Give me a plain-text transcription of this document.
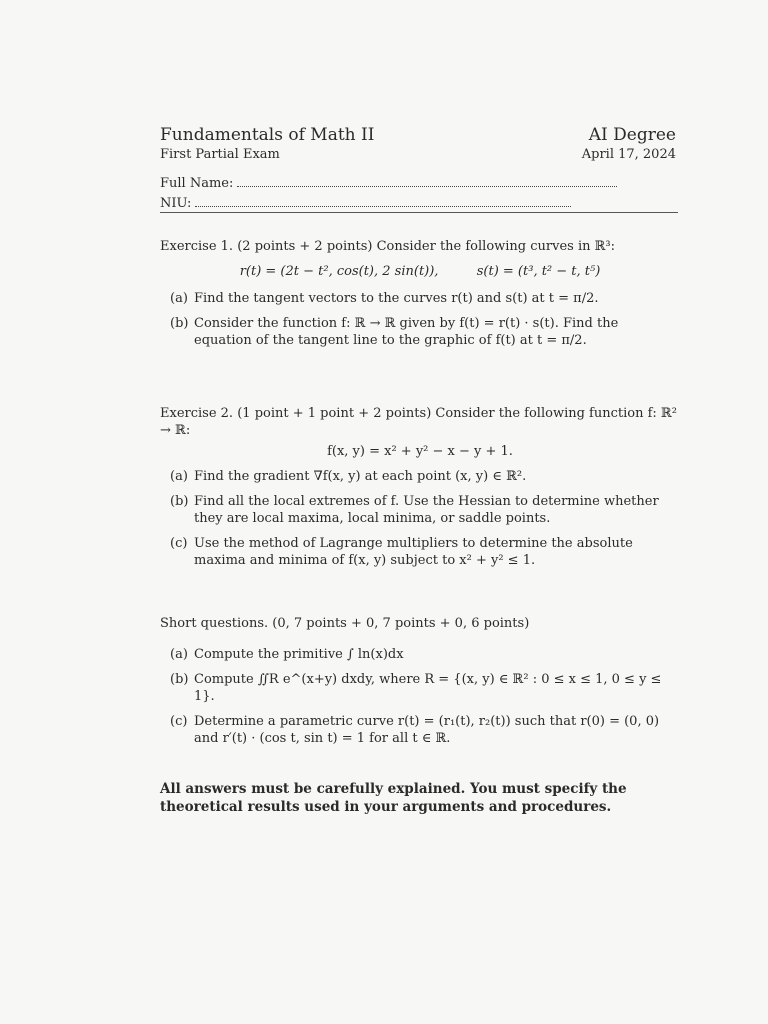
Fundamentals of Math II
First Partial Exam
AI Degree
April 17, 2024
Full Name:
NIU:
Exercise 1. (2 points + 2 points) Consider the following curves in ℝ³:
r(t) = (2t − t², cos(t), 2 sin(t)),	s(t) = (t³, t² − t, t⁵)
(a) Find the tangent vectors to the curves r(t) and s(t) at t = π/2.
(b) Consider the function f: ℝ → ℝ given by f(t) = r(t) · s(t). Find the equation of the tangent line to the graphic of f(t) at t = π/2.
Exercise 2. (1 point + 1 point + 2 points) Consider the following function f: ℝ² → ℝ:
f(x, y) = x² + y² − x − y + 1.
(a) Find the gradient ∇f(x, y) at each point (x, y) ∈ ℝ².
(b) Find all the local extremes of f. Use the Hessian to determine whether they are local maxima, local minima, or saddle points.
(c) Use the method of Lagrange multipliers to determine the absolute maxima and minima of f(x, y) subject to x² + y² ≤ 1.
Short questions. (0, 7 points + 0, 7 points + 0, 6 points)
(a) Compute the primitive ∫ ln(x)dx
(b) Compute ∬R e^(x+y) dxdy, where R = {(x, y) ∈ ℝ² : 0 ≤ x ≤ 1, 0 ≤ y ≤ 1}.
(c) Determine a parametric curve r(t) = (r₁(t), r₂(t)) such that r(0) = (0, 0) and r′(t) · (cos t, sin t) = 1 for all t ∈ ℝ.
All answers must be carefully explained. You must specify the theoretical results used in your arguments and procedures.
